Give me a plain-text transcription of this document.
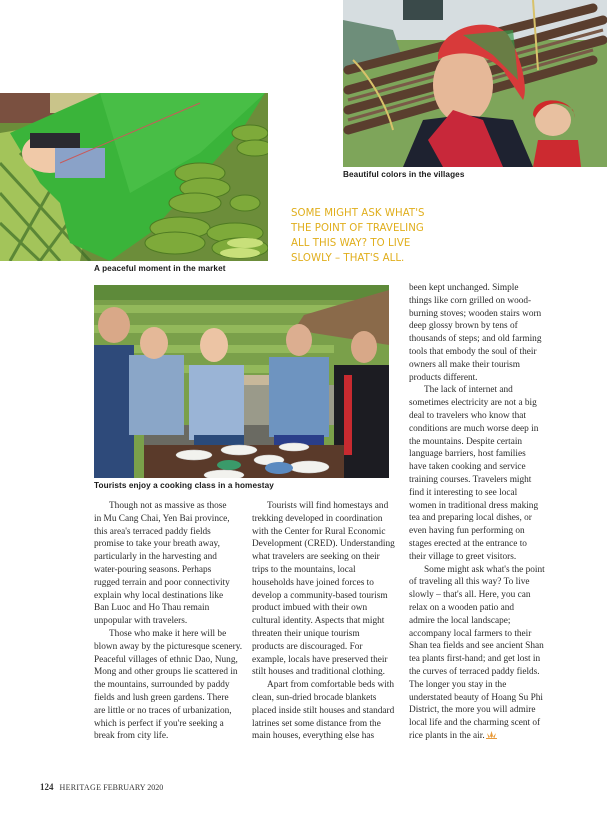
A peaceful moment in the market
Beautiful colors in the villages
SOME MIGHT ASK WHAT'S
THE POINT OF TRAVELING
ALL THIS WAY? TO LIVE
SLOWLY – THAT'S ALL.
Tourists enjoy a cooking class in a homestay
Though not as massive as those
in Mu Cang Chai, Yen Bai province,
this area's terraced paddy fields
promise to take your breath away,
particularly in the harvesting and
water-pouring seasons. Perhaps
rugged terrain and poor connectivity
explain why local destinations like
Ban Luoc and Ho Thau remain
unpopular with travelers.
Those who make it here will be
blown away by the picturesque scenery.
Peaceful villages of ethnic Dao, Nung,
Mong and other groups lie scattered in
the mountains, surrounded by paddy
fields and lush green gardens. There
are little or no traces of urbanization,
which is perfect if you're seeking a
break from city life.
Tourists will find homestays and
trekking developed in coordination
with the Center for Rural Economic
Development (CRED). Understanding
what travelers are seeking on their
trips to the mountains, local
households have joined forces to
develop a community-based tourism
product imbued with their own
cultural identity. Aspects that might
threaten their unique tourism
products are discouraged. For
example, locals have preserved their
stilt houses and traditional clothing.
Apart from comfortable beds with
clean, sun-dried brocade blankets
placed inside stilt houses and standard
latrines set some distance from the
main houses, everything else has
been kept unchanged. Simple
things like corn grilled on wood-
burning stoves; wooden stairs worn
deep glossy brown by tens of
thousands of steps; and old farming
tools that embody the soul of their
owners all make their tourism
products different.
The lack of internet and
sometimes electricity are not a big
deal to travelers who know that
conditions are much worse deep in
the mountains. Despite certain
language barriers, host families
have taken cooking and service
training courses. Travelers might
find it interesting to see local
women in traditional dress making
tea and preparing local dishes, or
even having fun performing on
stages erected at the entrance to
their village to greet visitors.
Some might ask what's the point
of traveling all this way? To live
slowly – that's all. Here, you can
relax on a wooden patio and
admire the local landscape;
accompany local farmers to their
Shan tea fields and see ancient Shan
tea plants first-hand; and get lost in
the curves of terraced paddy fields.
The longer you stay in the
understated beauty of Hoang Su Phi
District, the more you will admire
local life and the charming scent of
rice plants in the air.
124 HERITAGE FEBRUARY 2020
